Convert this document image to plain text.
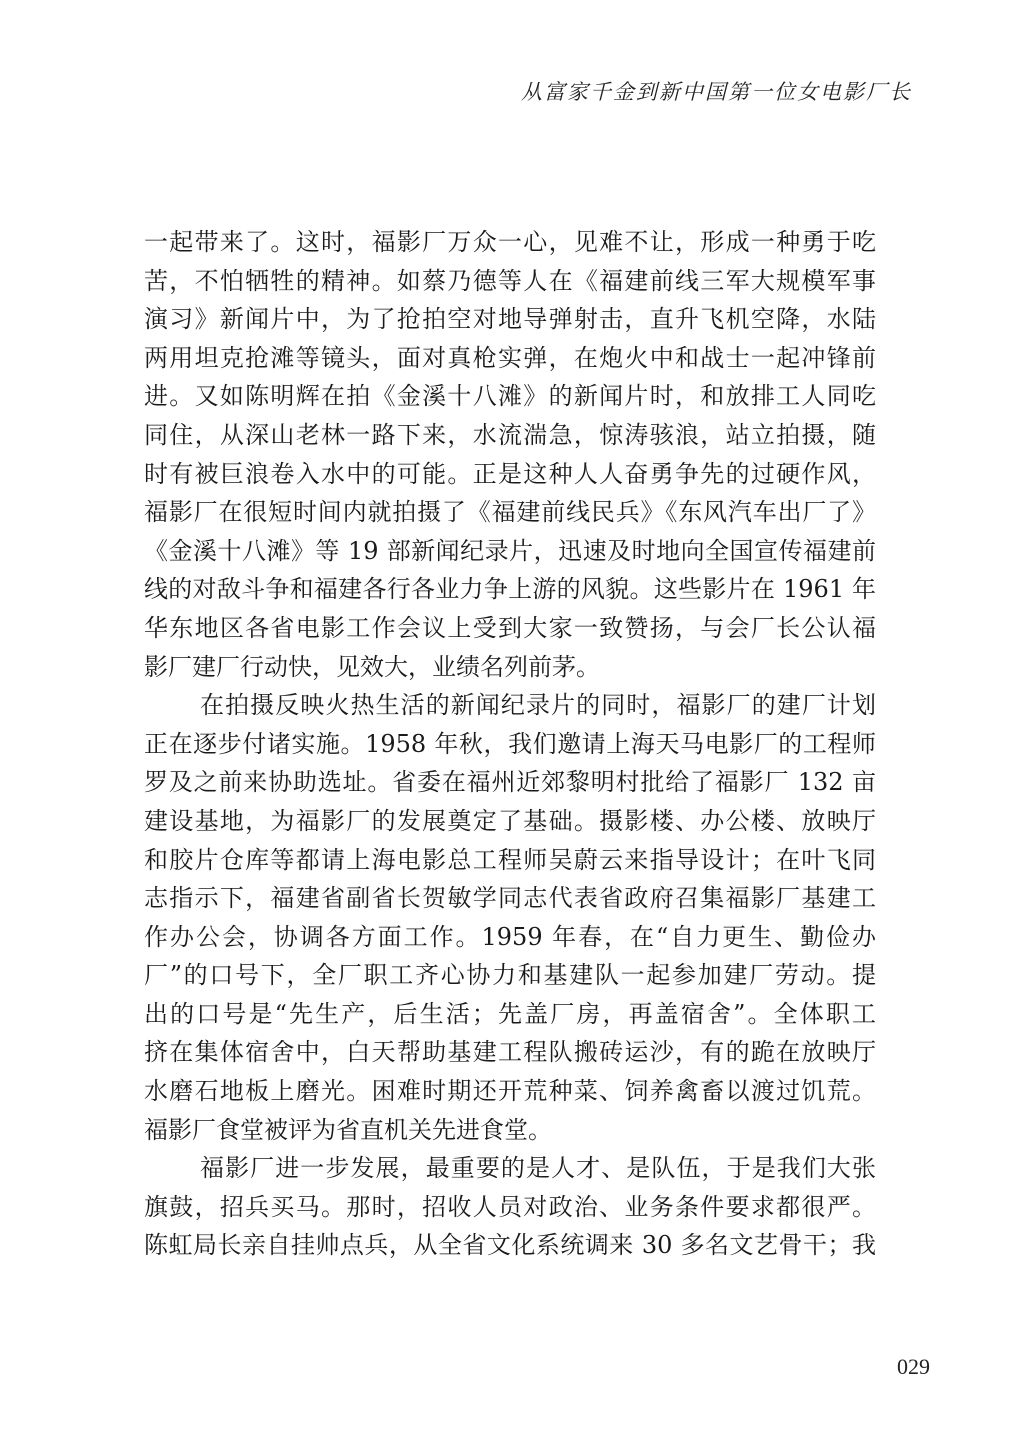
从富家千金到新中国第一位女电影厂长
一起带来了。这时，福影厂万众一心，见难不让，形成一种勇于吃
苦，不怕牺牲的精神。如蔡乃德等人在《福建前线三军大规模军事
演习》新闻片中，为了抢拍空对地导弹射击，直升飞机空降，水陆
两用坦克抢滩等镜头，面对真枪实弹，在炮火中和战士一起冲锋前
进。又如陈明辉在拍《金溪十八滩》的新闻片时，和放排工人同吃
同住，从深山老林一路下来，水流湍急，惊涛骇浪，站立拍摄，随
时有被巨浪卷入水中的可能。正是这种人人奋勇争先的过硬作风，
福影厂在很短时间内就拍摄了《福建前线民兵》《东风汽车出厂了》
《金溪十八滩》等 19 部新闻纪录片，迅速及时地向全国宣传福建前
线的对敌斗争和福建各行各业力争上游的风貌。这些影片在 1961 年
华东地区各省电影工作会议上受到大家一致赞扬，与会厂长公认福
影厂建厂行动快，见效大，业绩名列前茅。
在拍摄反映火热生活的新闻纪录片的同时，福影厂的建厂计划
正在逐步付诸实施。1958 年秋，我们邀请上海天马电影厂的工程师
罗及之前来协助选址。省委在福州近郊黎明村批给了福影厂 132 亩
建设基地，为福影厂的发展奠定了基础。摄影楼、办公楼、放映厅
和胶片仓库等都请上海电影总工程师吴蔚云来指导设计；在叶飞同
志指示下，福建省副省长贺敏学同志代表省政府召集福影厂基建工
作办公会，协调各方面工作。1959 年春，在“自力更生、勤俭办
厂”的口号下，全厂职工齐心协力和基建队一起参加建厂劳动。提
出的口号是“先生产，后生活；先盖厂房，再盖宿舍”。全体职工
挤在集体宿舍中，白天帮助基建工程队搬砖运沙，有的跪在放映厅
水磨石地板上磨光。困难时期还开荒种菜、饲养禽畜以渡过饥荒。
福影厂食堂被评为省直机关先进食堂。
福影厂进一步发展，最重要的是人才、是队伍，于是我们大张
旗鼓，招兵买马。那时，招收人员对政治、业务条件要求都很严。
陈虹局长亲自挂帅点兵，从全省文化系统调来 30 多名文艺骨干；我
029
